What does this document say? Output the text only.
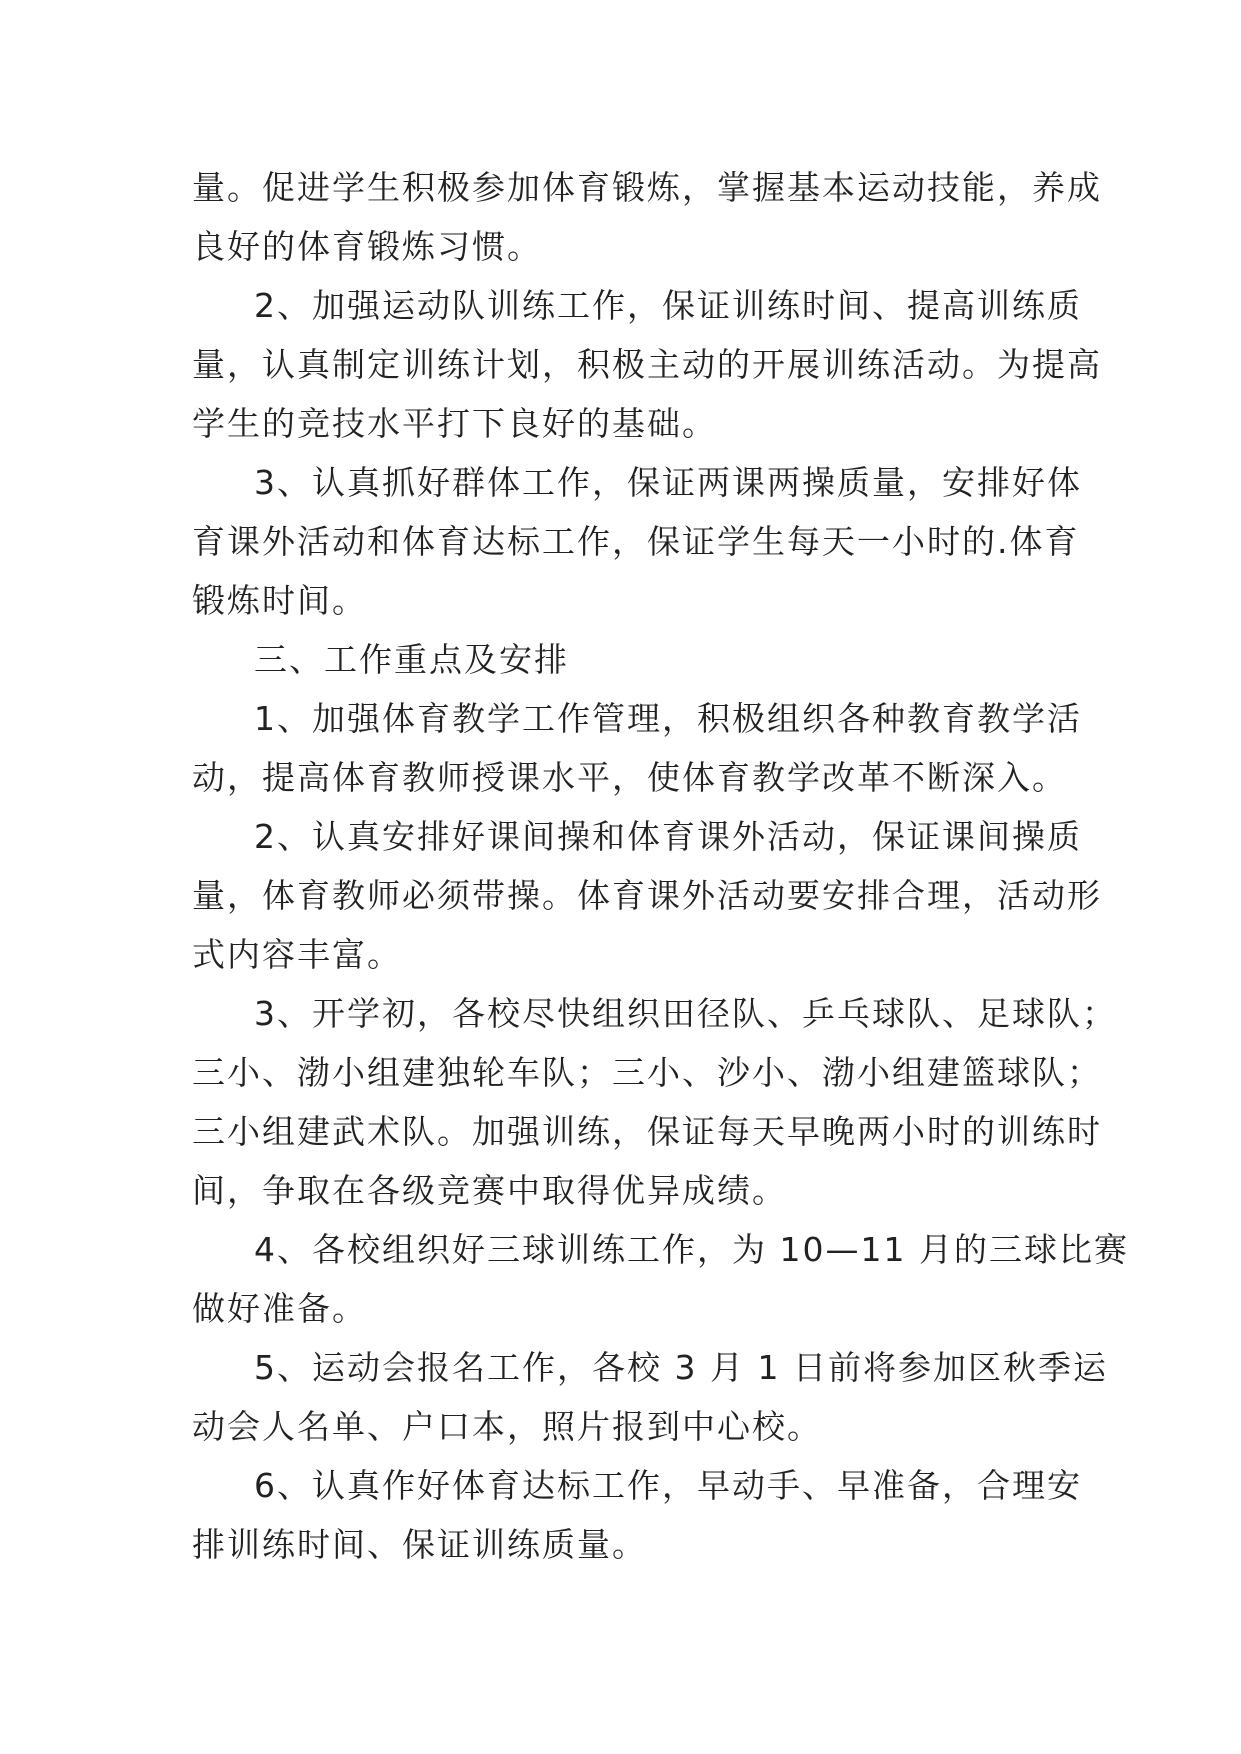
量。促进学生积极参加体育锻炼，掌握基本运动技能，养成
良好的体育锻炼习惯。

2、加强运动队训练工作，保证训练时间、提高训练质
量，认真制定训练计划，积极主动的开展训练活动。为提高
学生的竞技水平打下良好的基础。

3、认真抓好群体工作，保证两课两操质量，安排好体
育课外活动和体育达标工作，保证学生每天一小时的.体育
锻炼时间。

三、工作重点及安排

1、加强体育教学工作管理，积极组织各种教育教学活
动，提高体育教师授课水平，使体育教学改革不断深入。

2、认真安排好课间操和体育课外活动，保证课间操质
量，体育教师必须带操。体育课外活动要安排合理，活动形
式内容丰富。

3、开学初，各校尽快组织田径队、乒乓球队、足球队；
三小、渤小组建独轮车队；三小、沙小、渤小组建篮球队；
三小组建武术队。加强训练，保证每天早晚两小时的训练时
间，争取在各级竞赛中取得优异成绩。

4、各校组织好三球训练工作，为 10—11 月的三球比赛
做好准备。

5、运动会报名工作，各校 3 月 1 日前将参加区秋季运
动会人名单、户口本，照片报到中心校。

6、认真作好体育达标工作，早动手、早准备，合理安
排训练时间、保证训练质量。
